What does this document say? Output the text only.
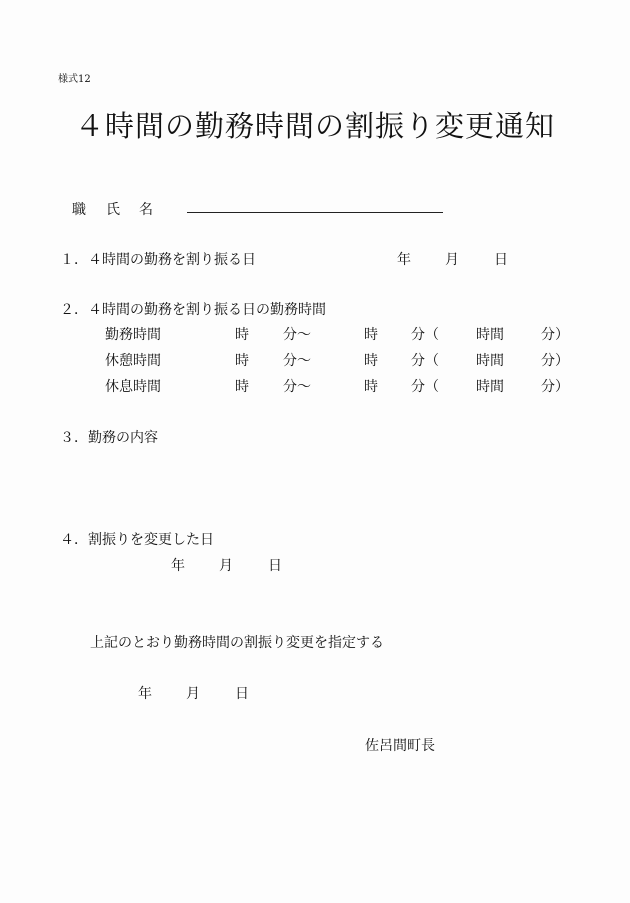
様式12
４時間の勤務時間の割振り変更通知
職 氏 名
１．４時間の勤務を割り振る日	年 月	日
２．４時間の勤務を割り振る日の勤務時間
勤務時間	時 分～	時 分（	時間	分）
休憩時間	時 分～	時 分（	時間	分）
休息時間	時 分～	時 分（	時間	分）
３．勤務の内容
４．割振りを変更した日
年 月	日
上記のとおり勤務時間の割振り変更を指定する
年 月	日
佐呂間町長
